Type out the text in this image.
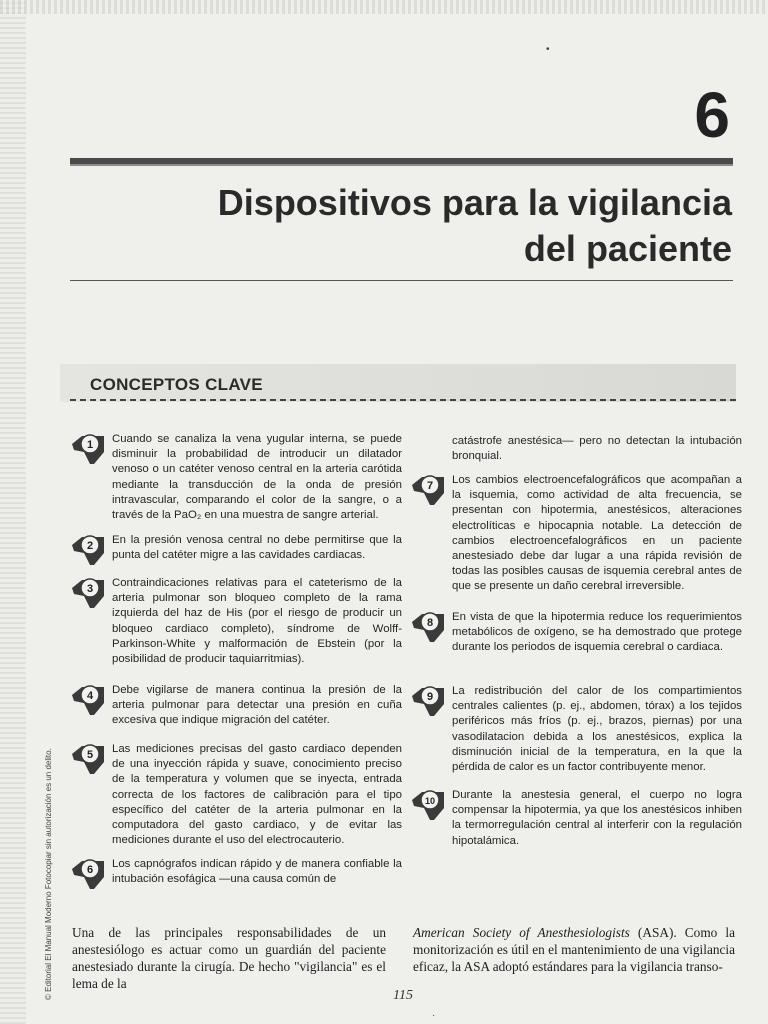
6
Dispositivos para la vigilancia
del paciente
CONCEPTOS CLAVE
Cuando se canaliza la vena yugular interna, se puede disminuir la probabilidad de introducir un dilatador venoso o un catéter venoso central en la arteria carótida mediante la transducción de la onda de presión intravascular, comparando el color de la sangre, o a través de la PaO₂ en una muestra de sangre arterial.
1
En la presión venosa central no debe permitirse que la punta del catéter migre a las cavidades cardiacas.
2
Contraindicaciones relativas para el cateterismo de la arteria pulmonar son bloqueo completo de la rama izquierda del haz de His (por el riesgo de producir un bloqueo cardiaco completo), síndrome de Wolff-Parkinson-White y malformación de Ebstein (por la posibilidad de producir taquiarritmias).
3
Debe vigilarse de manera continua la presión de la arteria pulmonar para detectar una presión en cuña excesiva que indique migración del catéter.
4
Las mediciones precisas del gasto cardiaco dependen de una inyección rápida y suave, conocimiento preciso de la temperatura y volumen que se inyecta, entrada correcta de los factores de calibración para el tipo específico del catéter de la arteria pulmonar en la computadora del gasto cardiaco, y de evitar las mediciones durante el uso del electrocauterio.
5
Los capnógrafos indican rápido y de manera confiable la intubación esofágica —una causa común de
6
Los cambios electroencefalográficos que acompañan a la isquemia, como actividad de alta frecuencia, se presentan con hipotermia, anestésicos, alteraciones electrolíticas e hipocapnia notable. La detección de cambios electroencefalográficos en un paciente anestesiado debe dar lugar a una rápida revisión de todas las posibles causas de isquemia cerebral antes de que se presente un daño cerebral irreversible.
7
En vista de que la hipotermia reduce los requerimientos metabólicos de oxígeno, se ha demostrado que protege durante los periodos de isquemia cerebral o cardiaca.
8
La redistribución del calor de los compartimientos centrales calientes (p. ej., abdomen, tórax) a los tejidos periféricos más fríos (p. ej., brazos, piernas) por una vasodilatacion debida a los anestésicos, explica la disminución inicial de la temperatura, en la que la pérdida de calor es un factor contribuyente menor.
9
Durante la anestesia general, el cuerpo no logra compensar la hipotermia, ya que los anestésicos inhiben la termorregulación central al interferir con la regulación hipotalámica.
10
catástrofe anestésica— pero no detectan la intubación bronquial.
Una de las principales responsabilidades de un anestesiólogo es actuar como un guardián del paciente anestesiado durante la cirugía. De hecho "vigilancia" es el lema de la
American Society of Anesthesiologists (ASA). Como la monitorización es útil en el mantenimiento de una vigilancia eficaz, la ASA adoptó estándares para la vigilancia transo-
115
© Editorial El Manual Moderno Fotocopiar sin autorización es un delito.
•
·
